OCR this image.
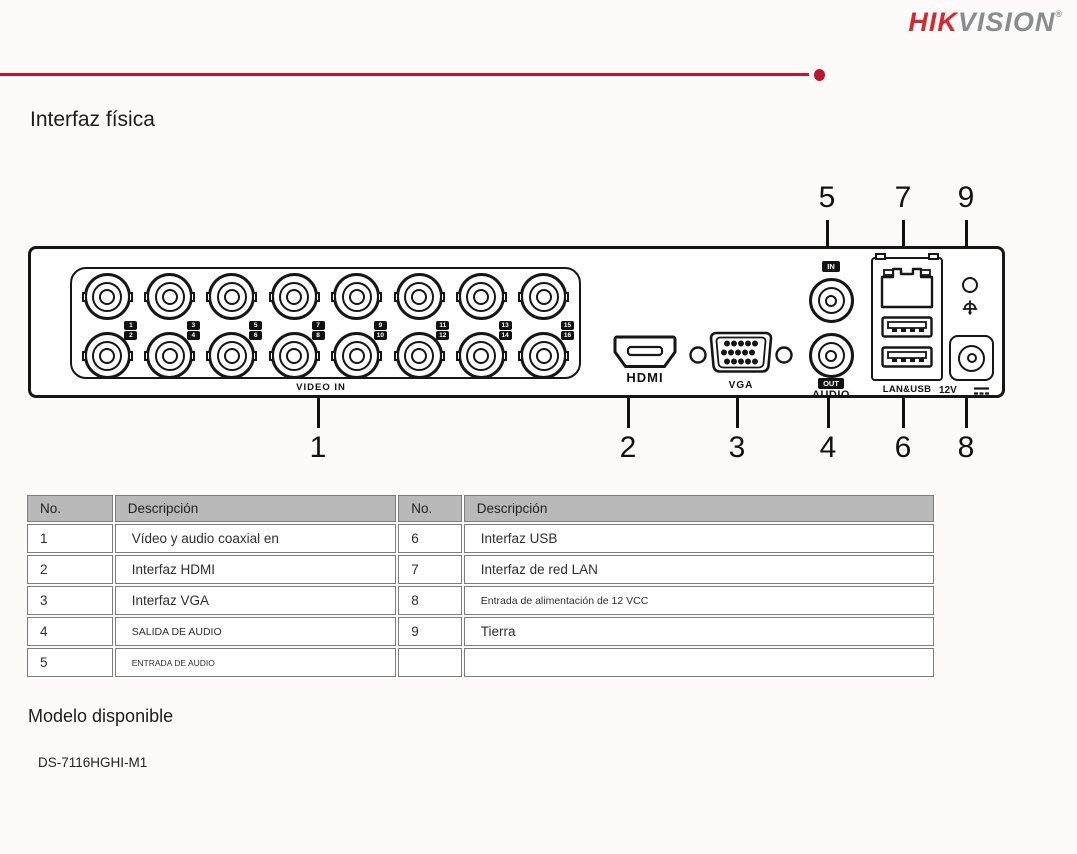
HIKVISION®
Interfaz física
5	7	9
1	2	3	4	6	8
1
2
3
4
5
6
7
8
9
10
11
12
13
14
15
16
VIDEO IN
HDMI
VGA
IN
OUT
AUDIO	LAN&USB 12V
No.	Descripción	No.	Descripción
1	Vídeo y audio coaxial en	6	Interfaz USB
2	Interfaz HDMI	7	Interfaz de red LAN
3	Interfaz VGA	8	Entrada de alimentación de 12 VCC
4	SALIDA DE AUDIO	9	Tierra
5	ENTRADA DE AUDIO		
Modelo disponible
DS-7116HGHI-M1
